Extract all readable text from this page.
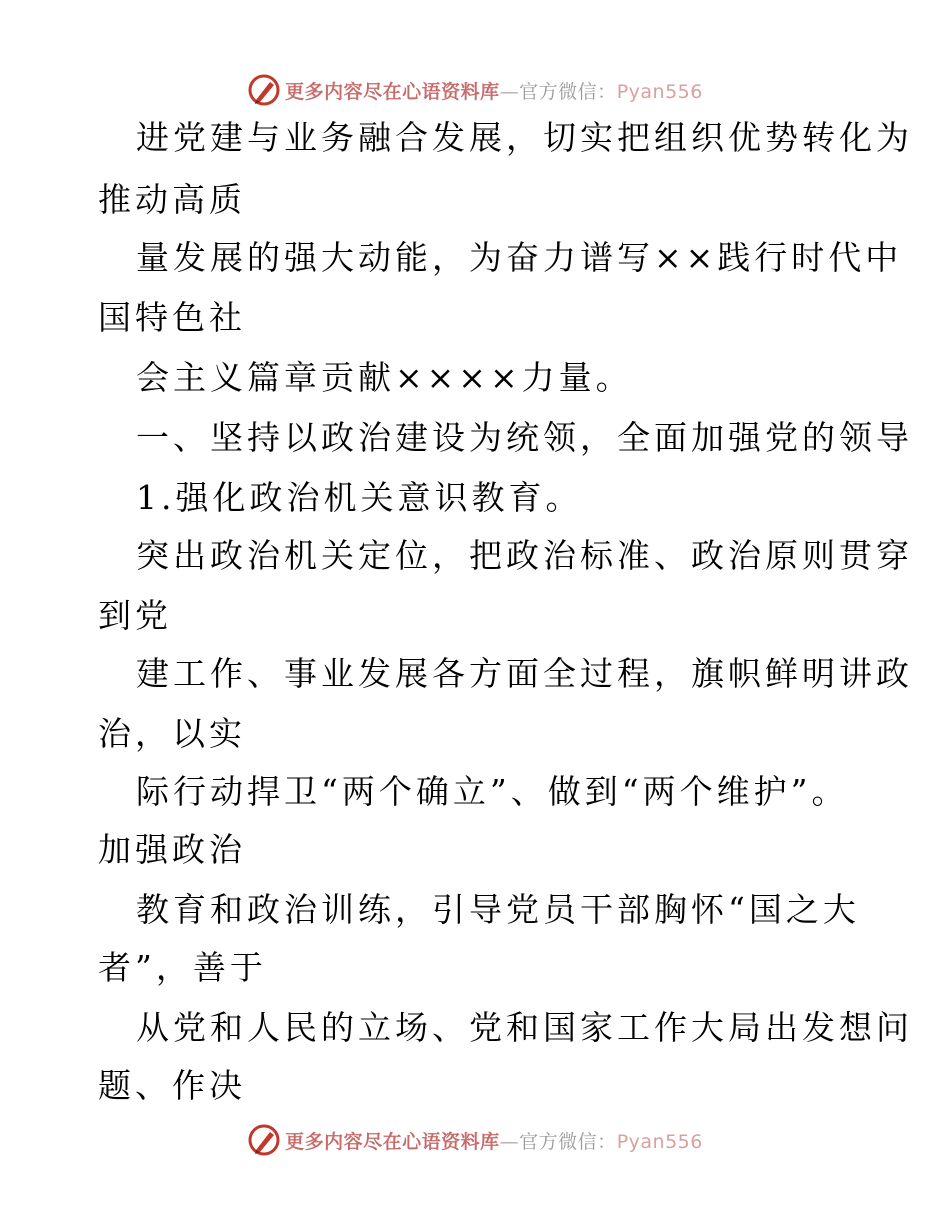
更多内容尽在心语资料库—官方微信：Pyan556
进党建与业务融合发展，切实把组织优势转化为
推动高质
量发展的强大动能，为奋力谱写××践行时代中
国特色社
会主义篇章贡献××××力量。
一、坚持以政治建设为统领，全面加强党的领导
1.强化政治机关意识教育。
突出政治机关定位，把政治标准、政治原则贯穿
到党
建工作、事业发展各方面全过程，旗帜鲜明讲政
治，以实
际行动捍卫“两个确立”、做到“两个维护”。
加强政治
教育和政治训练，引导党员干部胸怀“国之大
者”，善于
从党和人民的立场、党和国家工作大局出发想问
题、作决
更多内容尽在心语资料库—官方微信：Pyan556
